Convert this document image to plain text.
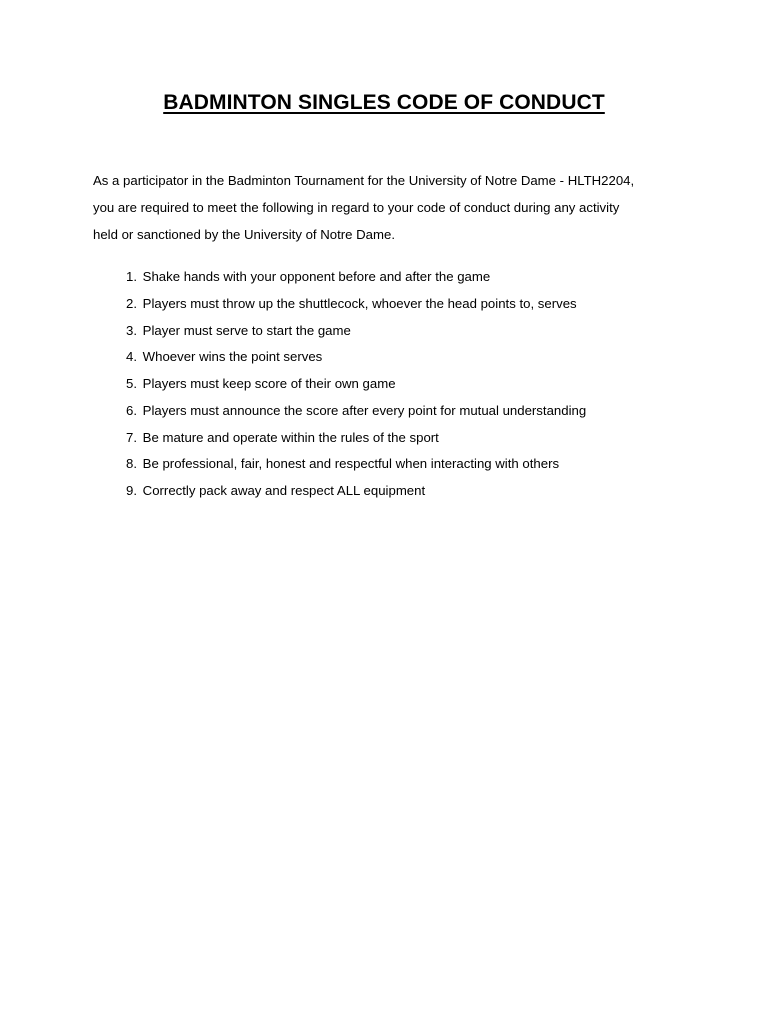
BADMINTON SINGLES CODE OF CONDUCT

As a participator in the Badminton Tournament for the University of Notre Dame - HLTH2204,
you are required to meet the following in regard to your code of conduct during any activity
held or sanctioned by the University of Notre Dame.

1. Shake hands with your opponent before and after the game
2. Players must throw up the shuttlecock, whoever the head points to, serves
3. Player must serve to start the game
4. Whoever wins the point serves
5. Players must keep score of their own game
6. Players must announce the score after every point for mutual understanding
7. Be mature and operate within the rules of the sport
8. Be professional, fair, honest and respectful when interacting with others
9. Correctly pack away and respect ALL equipment
